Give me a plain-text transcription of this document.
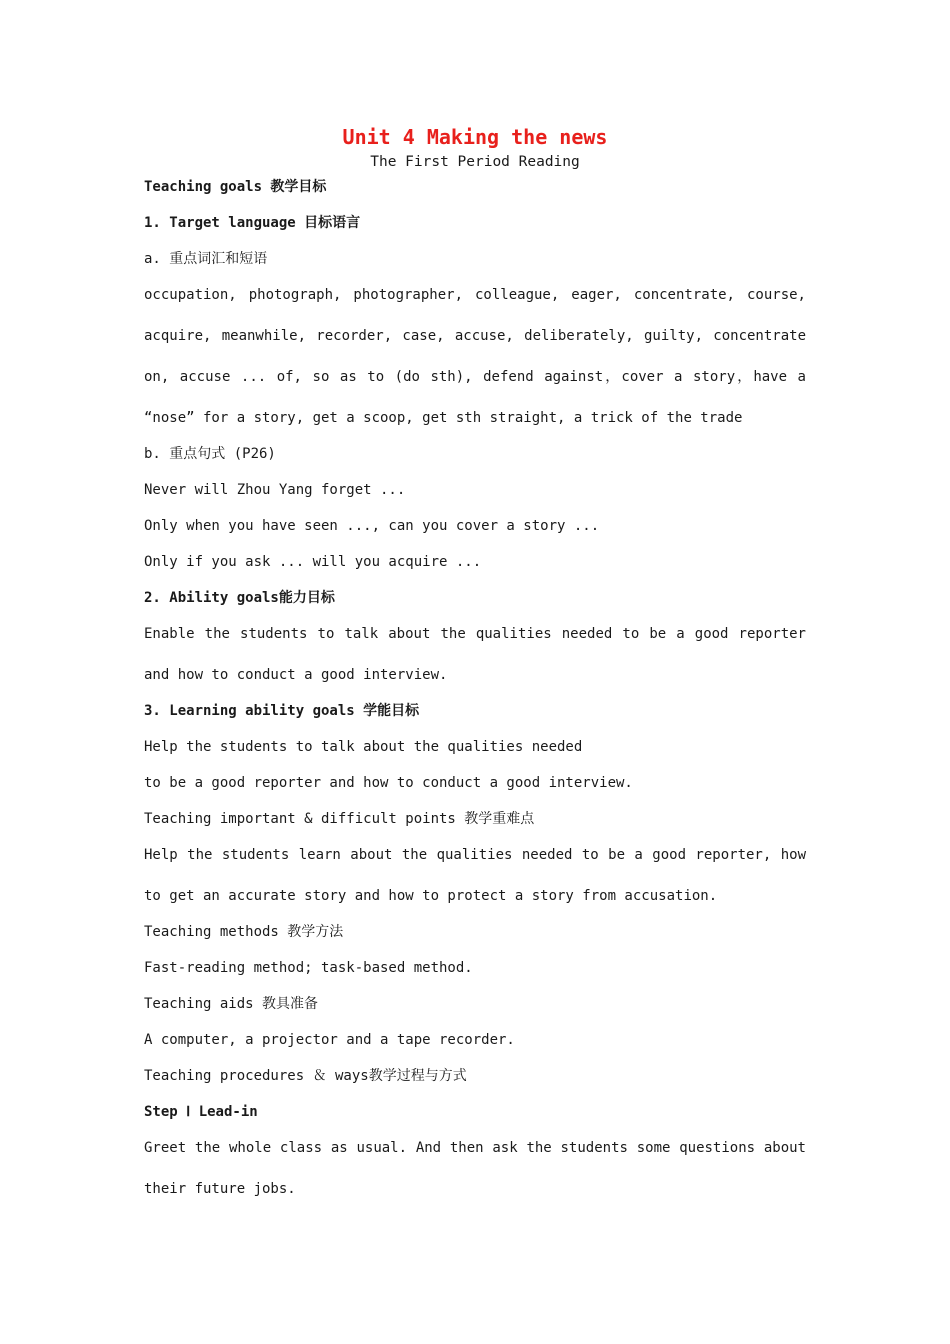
Unit 4 Making the news
The First Period Reading
Teaching goals 教学目标
1. Target language 目标语言
a. 重点词汇和短语
occupation, photograph, photographer, colleague, eager, concentrate, course,
acquire, meanwhile, recorder, case, accuse, deliberately, guilty, concentrate
on, accuse ... of, so as to (do sth), defend against，cover a story，have a
“nose” for a story, get a scoop, get sth straight, a trick of the trade
b. 重点句式 (P26)
Never will Zhou Yang forget ...
Only when you have seen ..., can you cover a story ...
Only if you ask ... will you acquire ...
2. Ability goals能力目标
Enable the students to talk about the qualities needed to be a good reporter
and how to conduct a good interview.
3. Learning ability goals 学能目标
Help the students to talk about the qualities needed
to be a good reporter and how to conduct a good interview.
Teaching important & difficult points 教学重难点
Help the students learn about the qualities needed to be a good reporter, how
to get an accurate story and how to protect a story from accusation.
Teaching methods 教学方法
Fast-reading method; task-based method.
Teaching aids 教具准备
A computer, a projector and a tape recorder.
Teaching procedures ＆ ways教学过程与方式
Step Ⅰ Lead-in
Greet the whole class as usual. And then ask the students some questions about
their future jobs.
